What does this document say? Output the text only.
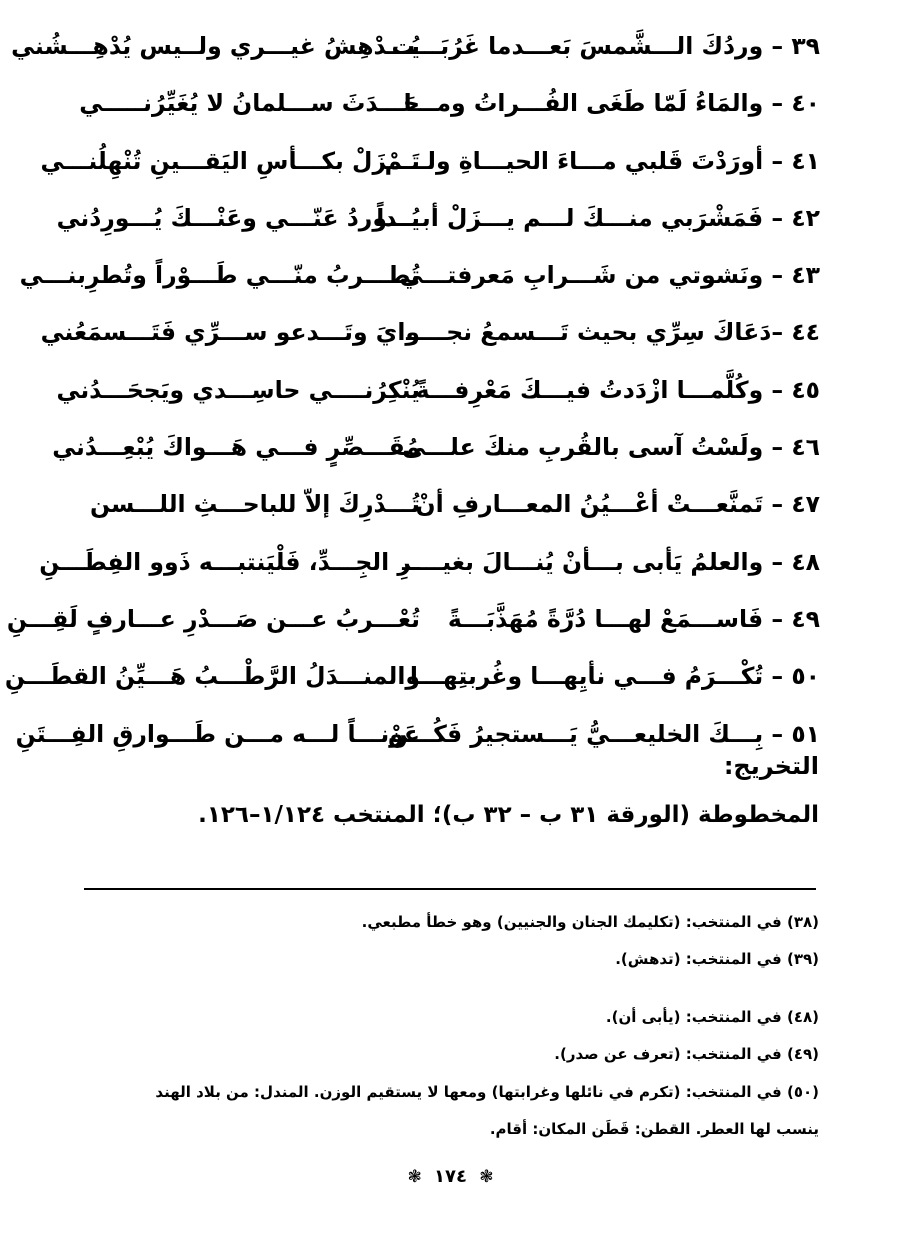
٣٩ – وردُكَ الـــشَّمسَ بَعـــدما غَرُبَـــت
يُـــدْهِشُ غيـــري ولــيس يُدْهِـــشُني
٤٠ – والمَاءُ لَمّا طَغَى الفُـــراتُ ومـــا
حَـــدَثَ ســـلمانُ لا يُغَيِّرُنـــــي
٤١ – أورَدْتَ قَلبي مـــاءَ الحيـــاةِ ولـــمْ
تَـــزَلْ بكـــأسِ اليَقـــينِ تُنْهِلُنـــي
٤٢ – فَمَشْرَبي منـــكَ لـــم يـــزَلْ أبـــداً
يُـــوردُ عَنّـــي وعَنْـــكَ يُـــورِدُني
٤٣ – ونَشوتي من شَـــرابِ مَعرفتـــي
تُطـــربُ منّـــي طَـــوْراً وتُطرِبنـــي
٤٤ –دَعَاكَ سِرِّي بحيث تَـــسمعُ نجـــــ
وايَ وتَـــدعو ســـرِّي فَتَـــسمَعُني
٤٥ – وكُلَّمـــا ازْدَدتُ فيـــكَ مَعْرِفـــةً
يُنْكِرُنــــي حاسِـــدي ويَجحَـــدُني
٤٦ – ولَسْتُ آسى بالقُربِ منكَ علـــى
مُقَـــصِّرٍ فـــي هَـــواكَ يُبْعِـــدُني
٤٧ – تَمنَّعـــتْ أعْـــيُنُ المعـــارفِ أنْ
تُـــدْرِكَ إلاّ للباحـــثِ اللـــسن
٤٨ – والعلمُ يَأبى بـــأنْ يُنـــالَ بغيـــــ
ـرِ الجِـــدِّ، فَلْيَنتبـــه ذَوو الفِطَـــنِ
٤٩ – فَاســـمَعْ لهـــا دُرَّةً مُهَذَّبَـــةً
تُعْـــربُ عـــن صَـــدْرِ عـــارفٍ لَقِـــنِ
٥٠ – تُكْـــرَمُ فـــي نأيِهـــا وغُربتِهـــا
والمنـــدَلُ الرَّطْـــبُ هَـــيِّنُ القطَـــنِ
٥١ – بِـــكَ الخليعـــيُّ يَـــستجيرُ فَكُـــنْ
عَونـــاً لـــه مـــن طَـــوارقِ الفِـــتَنِ
التخريج:
المخطوطة (الورقة ٣١ ب – ٣٢ ب)؛ المنتخب ١/١٢٤–١٢٦.
(٣٨) في المنتخب: (تكليمك الجنان والجنيين) وهو خطأ مطبعي.
(٣٩) في المنتخب: (تدهش).
(٤٨) في المنتخب: (يأبى أن).
(٤٩) في المنتخب: (تعرف عن صدر).
(٥٠) في المنتخب: (تكرم في نائلها وغرابتها) ومعها لا يستقيم الوزن. المندل: من بلاد الهند
ينسب لها العطر. القطن: قَطَن المكان: أقام.
❃ ١٧٤ ❃
